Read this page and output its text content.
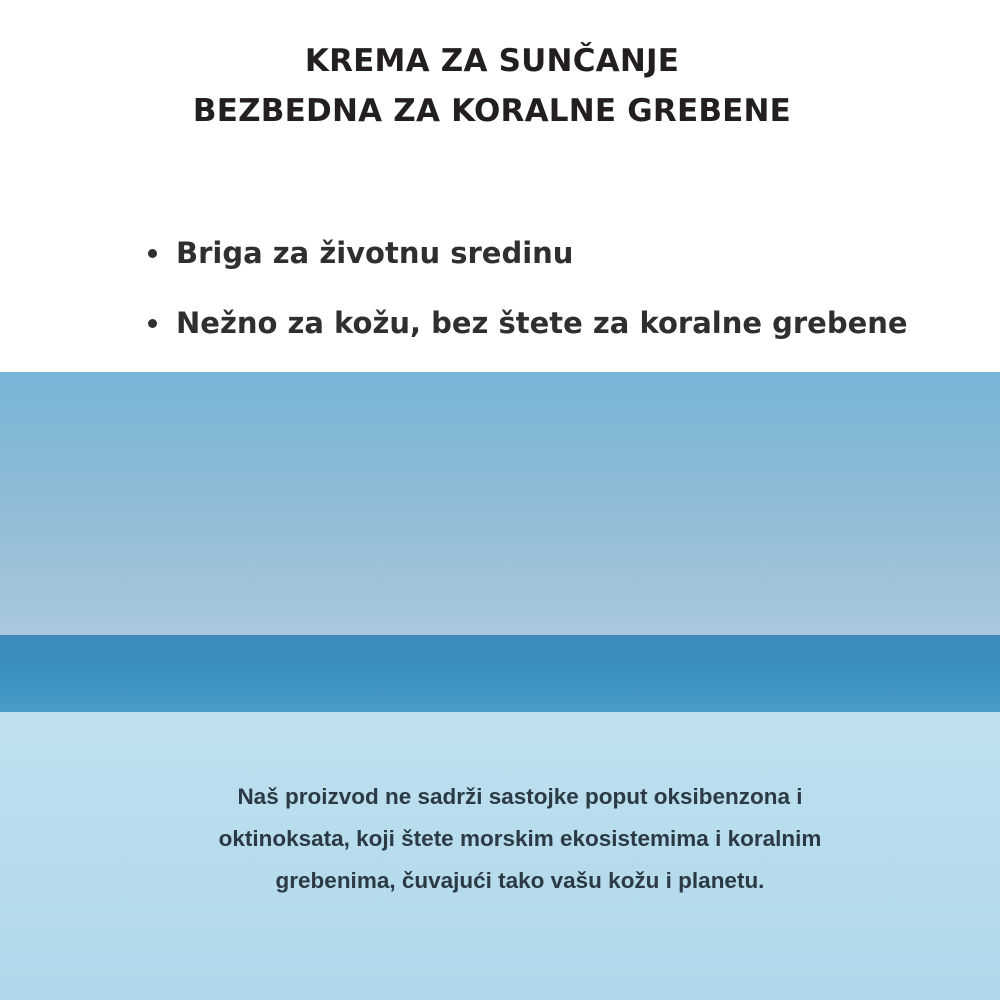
KREMA ZA SUNČANJE
BEZBEDNA ZA KORALNE GREBENE
Briga za životnu sredinu
Nežno za kožu, bez štete za koralne grebene

Naš proizvod ne sadrži sastojke poput oksibenzona i
oktinoksata, koji štete morskim ekosistemima i koralnim
grebenima, čuvajući tako vašu kožu i planetu.
